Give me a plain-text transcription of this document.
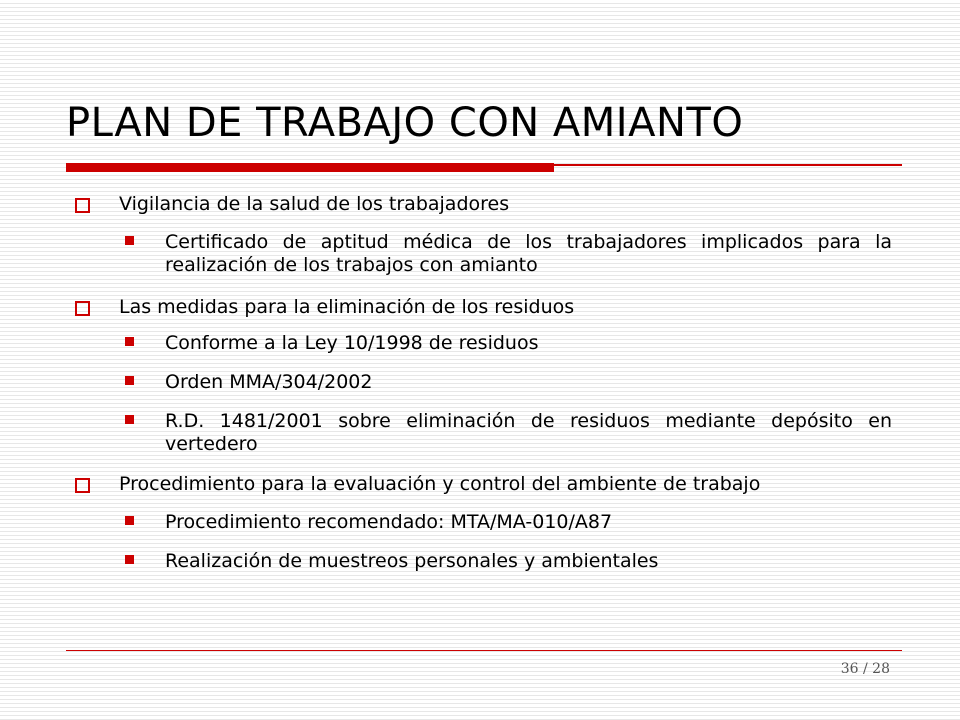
PLAN DE TRABAJO CON AMIANTO
Vigilancia de la salud de los trabajadores
Certificado de aptitud médica de los trabajadores implicados para la realización de los trabajos con amianto
Las medidas para la eliminación de los residuos
Conforme a la Ley 10/1998 de residuos
Orden MMA/304/2002
R.D. 1481/2001 sobre eliminación de residuos mediante depósito en vertedero
Procedimiento para la evaluación y control del ambiente de trabajo
Procedimiento recomendado: MTA/MA-010/A87
Realización de muestreos personales y ambientales
36 / 28
